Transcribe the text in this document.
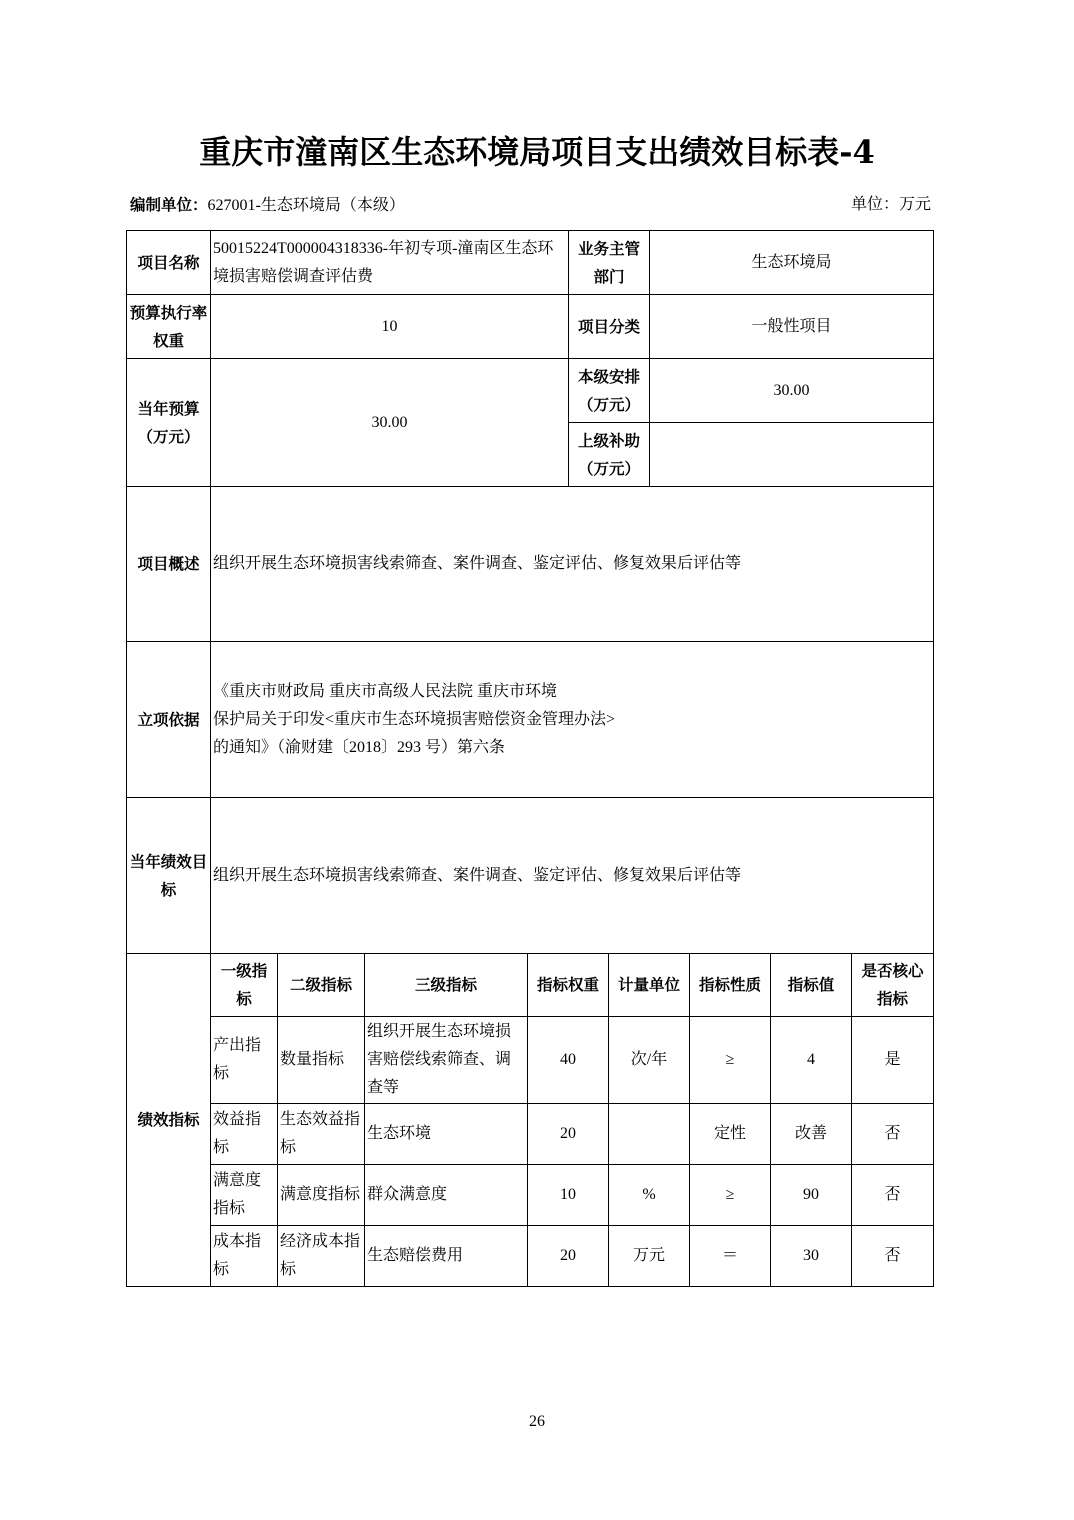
重庆市潼南区生态环境局项目支出绩效目标表-4
编制单位：627001-生态环境局（本级）	单位：万元
项目名称	50015224T000004318336-年初专项-潼南区生态环境损害赔偿调查评估费	业务主管部门	生态环境局
预算执行率权重	10	项目分类	一般性项目
当年预算（万元）	30.00	本级安排（万元）	30.00
		上级补助（万元）	
项目概述	组织开展生态环境损害线索筛查、案件调查、鉴定评估、修复效果后评估等		
立项依据	《重庆市财政局 重庆市高级人民法院 重庆市环境
保护局关于印发<重庆市生态环境损害赔偿资金管理办法>
的通知》（渝财建〔2018〕293 号）第六条		

当年绩效目标	组织开展生态环境损害线索筛查、案件调查、鉴定评估、修复效果后评估等		
绩效指标	一级指标	二级指标	三级指标	指标权重	计量单位	指标性质	指标值	是否核心指标
	产出指标	数量指标	组织开展生态环境损害赔偿线索筛查、调查等	40	次/年	≥	4	是
	效益指标	生态效益指标	生态环境	20		定性	改善	否
	满意度指标	满意度指标	群众满意度	10	%	≥	90	否
	成本指标	经济成本指标	生态赔偿费用	20	万元	＝	30	否
26
